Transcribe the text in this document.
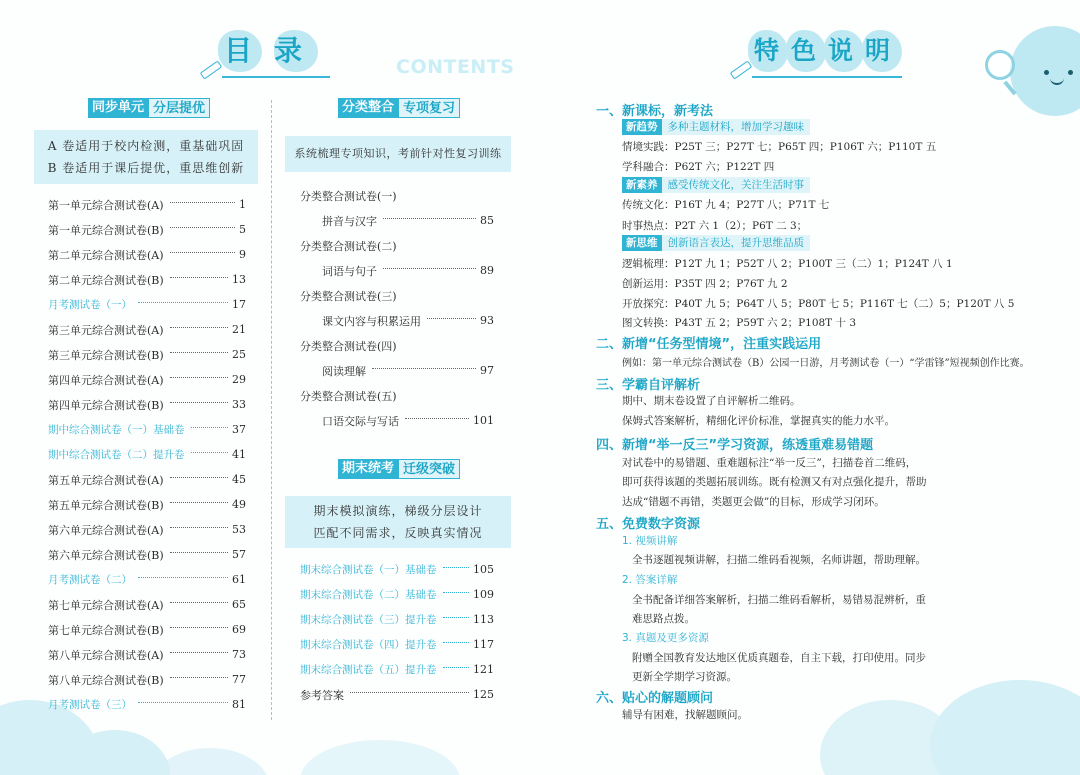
目录	CONTENTS
同步单元 分层提优
A 卷适用于校内检测，重基础巩固
B 卷适用于课后提优，重思维创新
第一单元综合测试卷(A)	1
第一单元综合测试卷(B)	5
第二单元综合测试卷(A)	9
第二单元综合测试卷(B)	13
月考测试卷（一）	17
第三单元综合测试卷(A)	21
第三单元综合测试卷(B)	25
第四单元综合测试卷(A)	29
第四单元综合测试卷(B)	33
期中综合测试卷（一）基础卷	37
期中综合测试卷（二）提升卷	41
第五单元综合测试卷(A)	45
第五单元综合测试卷(B)	49
第六单元综合测试卷(A)	53
第六单元综合测试卷(B)	57
月考测试卷（二）	61
第七单元综合测试卷(A)	65
第七单元综合测试卷(B)	69
第八单元综合测试卷(A)	73
第八单元综合测试卷(B)	77
月考测试卷（三）	81
分类整合 专项复习
系统梳理专项知识，考前针对性复习训练
分类整合测试卷(一)
拼音与汉字	85
分类整合测试卷(二)
词语与句子	89
分类整合测试卷(三)
课文内容与积累运用	93
分类整合测试卷(四)
阅读理解	97
分类整合测试卷(五)
口语交际与写话	101
期末统考 迁级突破
期末模拟演练，梯级分层设计
匹配不同需求，反映真实情况
期末综合测试卷（一）基础卷	105
期末综合测试卷（二）基础卷	109
期末综合测试卷（三）提升卷	113
期末综合测试卷（四）提升卷	117
期末综合测试卷（五）提升卷	121
参考答案	125
特色说明
一、新课标，新考法
新趋势 多种主题材料，增加学习趣味
情境实践：P25T 三；P27T 七；P65T 四；P106T 六；P110T 五
学科融合：P62T 六；P122T 四
新素养 感受传统文化，关注生活时事
传统文化：P16T 九 4；P27T 八；P71T 七
时事热点：P2T 六 1（2）；P6T 二 3；
新思维 创新语言表达，提升思维品质
逻辑梳理：P12T 九 1；P52T 八 2；P100T 三（二）1；P124T 八 1
创新运用：P35T 四 2；P76T 九 2
开放探究：P40T 九 5；P64T 八 5；P80T 七 5；P116T 七（二）5；P120T 八 5
图文转换：P43T 五 2；P59T 六 2；P108T 十 3
二、新增“任务型情境”，注重实践运用
例如：第一单元综合测试卷（B）公园一日游，月考测试卷（一）“学雷锋”短视频创作比赛。
三、学霸自评解析
期中、期末卷设置了自评解析二维码。
保姆式答案解析，精细化评价标准，掌握真实的能力水平。
四、新增“举一反三”学习资源，练透重难易错题
对试卷中的易错题、重难题标注“举一反三”，扫描卷首二维码，
即可获得该题的类题拓展训练。既有检测又有对点强化提升，帮助
达成“错题不再错，类题更会做”的目标，形成学习闭环。
五、免费数字资源
1. 视频讲解
全书逐题视频讲解，扫描二维码看视频，名师讲题，帮助理解。
2. 答案详解
全书配备详细答案解析，扫描二维码看解析，易错易混辨析，重
难思路点拨。
3. 真题及更多资源
附赠全国教育发达地区优质真题卷，自主下载，打印使用。同步
更新全学期学习资源。
六、贴心的解题顾问
辅导有困难，找解题顾问。
